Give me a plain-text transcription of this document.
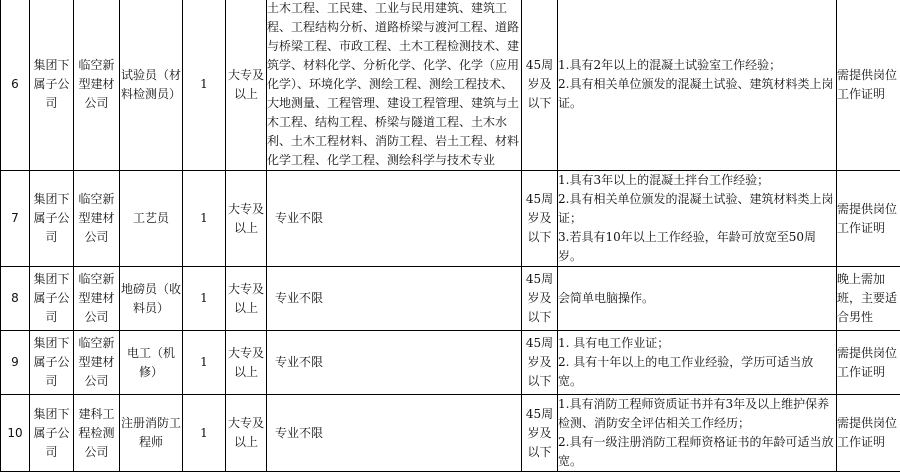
6	集团下属子公司	临空新型建材公司	试验员（材料检测员）	1	大专及以上	土木工程、工民建、工业与民用建筑、建筑工程、工程结构分析、道路桥梁与渡河工程、道路与桥梁工程、市政工程、土木工程检测技术、建筑学、材料化学、分析化学、化学、化学（应用化学）、环境化学、测绘工程、测绘工程技术、大地测量、工程管理、建设工程管理、建筑与土木工程、结构工程、桥梁与隧道工程、土木水利、土木工程材料、消防工程、岩土工程、材料化学工程、化学工程、测绘科学与技术专业	45周岁及以下	1.具有2年以上的混凝土试验室工作经验；
2.具有相关单位颁发的混凝土试验、建筑材料类上岗证。	需提供岗位工作证明
7	集团下属子公司	临空新型建材公司	工艺员	1	大专及以上	专业不限	45周岁及以下	1.具有3年以上的混凝土拌台工作经验；
2.具有相关单位颁发的混凝土试验、建筑材料类上岗证；
3.若具有10年以上工作经验，年龄可放宽至50周岁。	需提供岗位工作证明
8	集团下属子公司	临空新型建材公司	地磅员（收料员）	1	大专及以上	专业不限	45周岁及以下	会简单电脑操作。	晚上需加班，主要适合男性
9	集团下属子公司	临空新型建材公司	电工（机修）	1	大专及以上	专业不限	45周岁及以下	1. 具有电工作业证；
2. 具有十年以上的电工作业经验，学历可适当放宽。	需提供岗位工作证明
10	集团下属子公司	建科工程检测公司	注册消防工程师	1	大专及以上	专业不限	45周岁及以下	1.具有消防工程师资质证书并有3年及以上维护保养检测、消防安全评估相关工作经历；
2.具有一级注册消防工程师资格证书的年龄可适当放宽。	需提供岗位工作证明
